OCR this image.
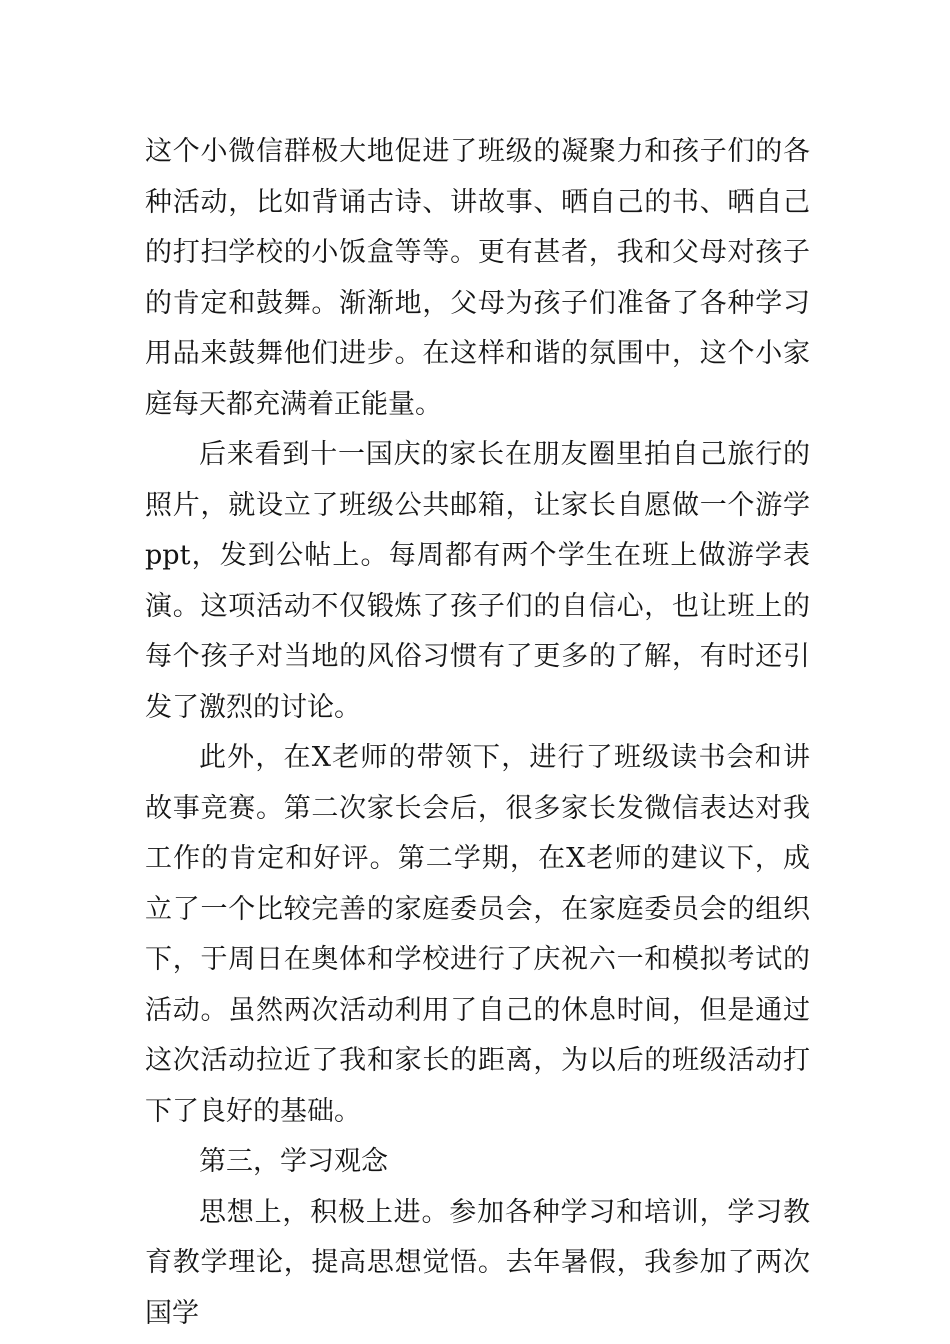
这个小微信群极大地促进了班级的凝聚力和孩子们的各种活动，比如背诵古诗、讲故事、晒自己的书、晒自己的打扫学校的小饭盒等等。更有甚者，我和父母对孩子的肯定和鼓舞。渐渐地，父母为孩子们准备了各种学习用品来鼓舞他们进步。在这样和谐的氛围中，这个小家庭每天都充满着正能量。

后来看到十一国庆的家长在朋友圈里拍自己旅行的照片，就设立了班级公共邮箱，让家长自愿做一个游学ppt，发到公帖上。每周都有两个学生在班上做游学表演。这项活动不仅锻炼了孩子们的自信心，也让班上的每个孩子对当地的风俗习惯有了更多的了解，有时还引发了激烈的讨论。

此外，在X老师的带领下，进行了班级读书会和讲故事竞赛。第二次家长会后，很多家长发微信表达对我工作的肯定和好评。第二学期，在X老师的建议下，成立了一个比较完善的家庭委员会，在家庭委员会的组织下，于周日在奥体和学校进行了庆祝六一和模拟考试的活动。虽然两次活动利用了自己的休息时间，但是通过这次活动拉近了我和家长的距离，为以后的班级活动打下了良好的基础。

第三，学习观念

思想上，积极上进。参加各种学习和培训，学习教育教学理论，提高思想觉悟。去年暑假，我参加了两次国学
